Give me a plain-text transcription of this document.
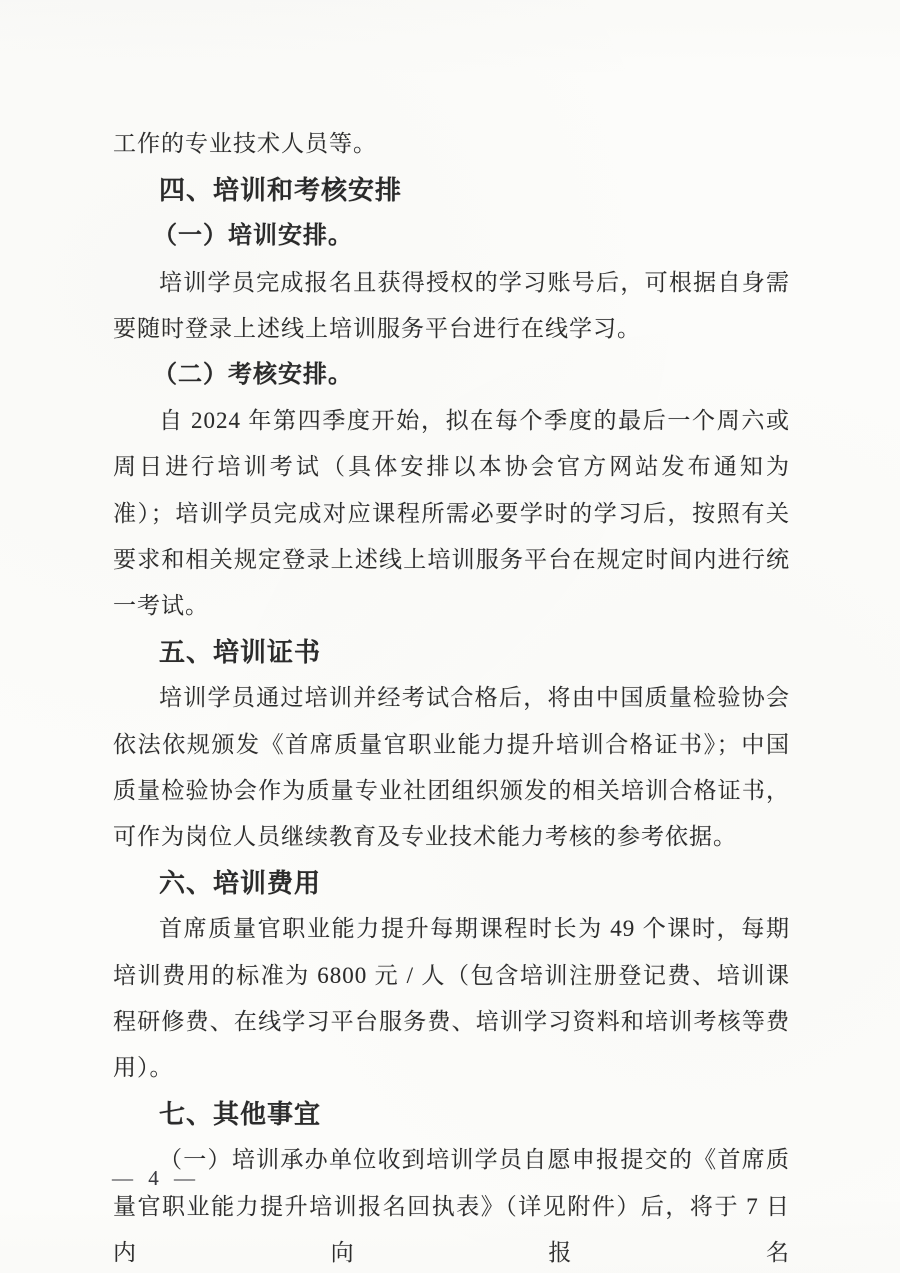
工作的专业技术人员等。

四、培训和考核安排

（一）培训安排。

培训学员完成报名且获得授权的学习账号后，可根据自身需要随时登录上述线上培训服务平台进行在线学习。

（二）考核安排。

自 2024 年第四季度开始，拟在每个季度的最后一个周六或周日进行培训考试（具体安排以本协会官方网站发布通知为准）；培训学员完成对应课程所需必要学时的学习后，按照有关要求和相关规定登录上述线上培训服务平台在规定时间内进行统一考试。

五、培训证书

培训学员通过培训并经考试合格后，将由中国质量检验协会依法依规颁发《首席质量官职业能力提升培训合格证书》；中国质量检验协会作为质量专业社团组织颁发的相关培训合格证书，可作为岗位人员继续教育及专业技术能力考核的参考依据。

六、培训费用

首席质量官职业能力提升每期课程时长为 49 个课时，每期培训费用的标准为 6800 元 / 人（包含培训注册登记费、培训课程研修费、在线学习平台服务费、培训学习资料和培训考核等费用）。

七、其他事宜

（一）培训承办单位收到培训学员自愿申报提交的《首席质量官职业能力提升培训报名回执表》（详见附件）后，将于 7 日内向报名

— 4 —
